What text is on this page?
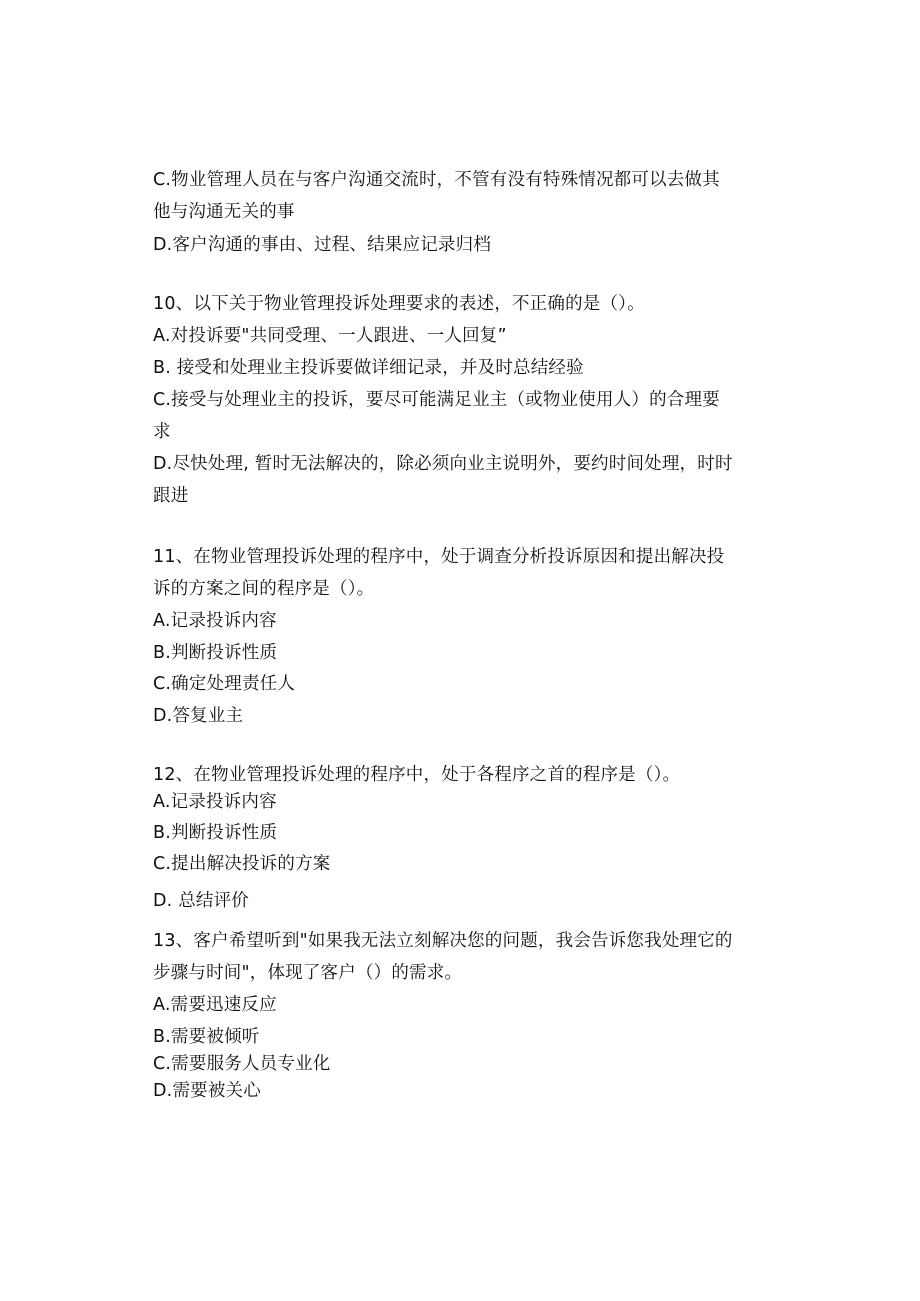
C.物业管理人员在与客户沟通交流时，不管有没有特殊情况都可以去做其
他与沟通无关的事
D.客户沟通的事由、过程、结果应记录归档
10、以下关于物业管理投诉处理要求的表述，不正确的是（）。
A.对投诉要"共同受理、一人跟进、一人回复”
B. 接受和处理业主投诉要做详细记录，并及时总结经验
C.接受与处理业主的投诉，要尽可能满足业主（或物业使用人）的合理要
求
D.尽快处理, 暂时无法解决的，除必须向业主说明外，要约时间处理，时时
跟进
11、在物业管理投诉处理的程序中，处于调查分析投诉原因和提出解决投
诉的方案之间的程序是（）。
A.记录投诉内容
B.判断投诉性质
C.确定处理责任人
D.答复业主
12、在物业管理投诉处理的程序中，处于各程序之首的程序是（）。
A.记录投诉内容
B.判断投诉性质
C.提出解决投诉的方案
D. 总结评价
13、客户希望听到"如果我无法立刻解决您的问题，我会告诉您我处理它的
步骤与时间"，体现了客户（）的需求。
A.需要迅速反应
B.需要被倾听
C.需要服务人员专业化
D.需要被关心
